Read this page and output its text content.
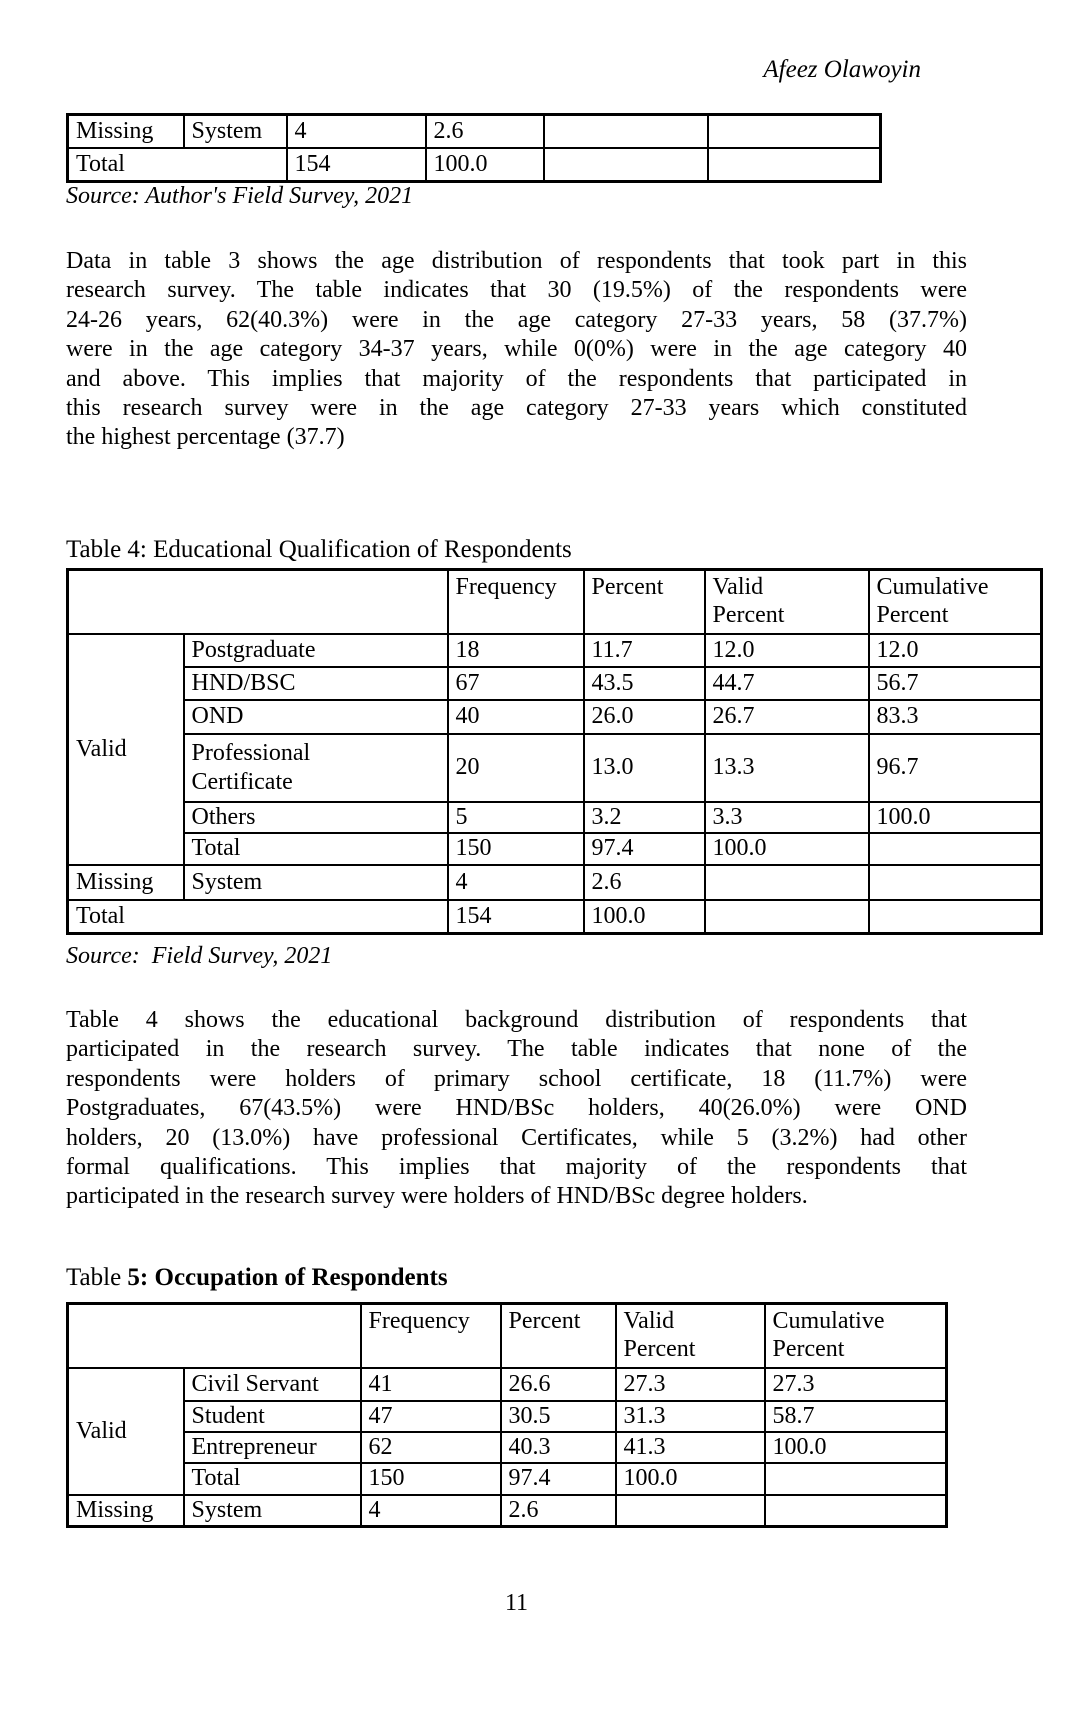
Afeez Olawoyin
Missing	System	4	2.6		
Total		154	100.0		
Source: Author's Field Survey, 2021
Data in table 3 shows the age distribution of respondents that took part in this
research survey. The table indicates that 30 (19.5%) of the respondents were
24-26 years, 62(40.3%) were in the age category 27-33 years, 58 (37.7%)
were in the age category 34-37 years, while 0(0%) were in the age category 40
and above. This implies that majority of the respondents that participated in
this research survey were in the age category 27-33 years which constituted
the highest percentage (37.7)
Table 4: Educational Qualification of Respondents
		Frequency	Percent	Valid Percent	Cumulative Percent
Valid	Postgraduate	18	11.7	12.0	12.0
	HND/BSC	67	43.5	44.7	56.7
	OND	40	26.0	26.7	83.3
	Professional Certificate	20	13.0	13.3	96.7
	Others	5	3.2	3.3	100.0
	Total	150	97.4	100.0	
Missing	System	4	2.6		
Total		154	100.0		
Source:  Field Survey, 2021
Table 4 shows the educational background distribution of respondents that
participated in the research survey. The table indicates that none of the
respondents were holders of primary school certificate, 18 (11.7%) were
Postgraduates, 67(43.5%) were HND/BSc holders, 40(26.0%) were OND
holders, 20 (13.0%) have professional Certificates, while 5 (3.2%) had other
formal qualifications. This implies that majority of the respondents that
participated in the research survey were holders of HND/BSc degree holders.
Table 5: Occupation of Respondents
		Frequency	Percent	Valid Percent	Cumulative Percent
Valid	Civil Servant	41	26.6	27.3	27.3
	Student	47	30.5	31.3	58.7
	Entrepreneur	62	40.3	41.3	100.0
	Total	150	97.4	100.0	
Missing	System	4	2.6		
11
